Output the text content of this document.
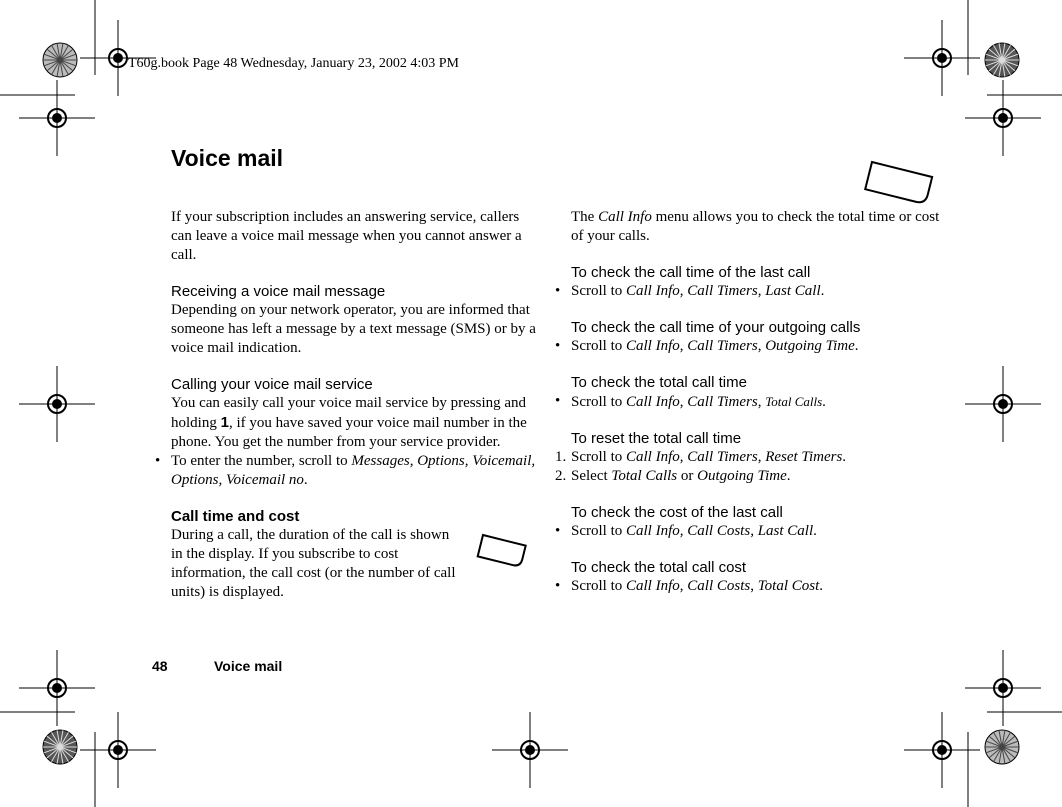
T60g.book Page 48 Wednesday, January 23, 2002 4:03 PM
Voice mail

If your subscription includes an answering service, callers can leave a voice mail message when you cannot answer a call.

Receiving a voice mail message

Depending on your network operator, you are informed that someone has left a message by a text message (SMS) or by a voice mail indication.

Calling your voice mail service

You can easily call your voice mail service by pressing and holding 1, if you have saved your voice mail number in the phone. You get the number from your service provider.

• To enter the number, scroll to Messages, Options, Voicemail, Options, Voicemail no.

Call time and cost

During a call, the duration of the call is shown in the display. If you subscribe to cost information, the call cost (or the number of call units) is displayed.

The Call Info menu allows you to check the total time or cost of your calls.

To check the call time of the last call

• Scroll to Call Info, Call Timers, Last Call.

To check the call time of your outgoing calls

• Scroll to Call Info, Call Timers, Outgoing Time.

To check the total call time

• Scroll to Call Info, Call Timers, Total Calls.

To reset the total call time

1. Scroll to Call Info, Call Timers, Reset Timers.

2. Select Total Calls or Outgoing Time.

To check the cost of the last call

• Scroll to Call Info, Call Costs, Last Call.

To check the total call cost

• Scroll to Call Info, Call Costs, Total Cost.

48	Voice mail
